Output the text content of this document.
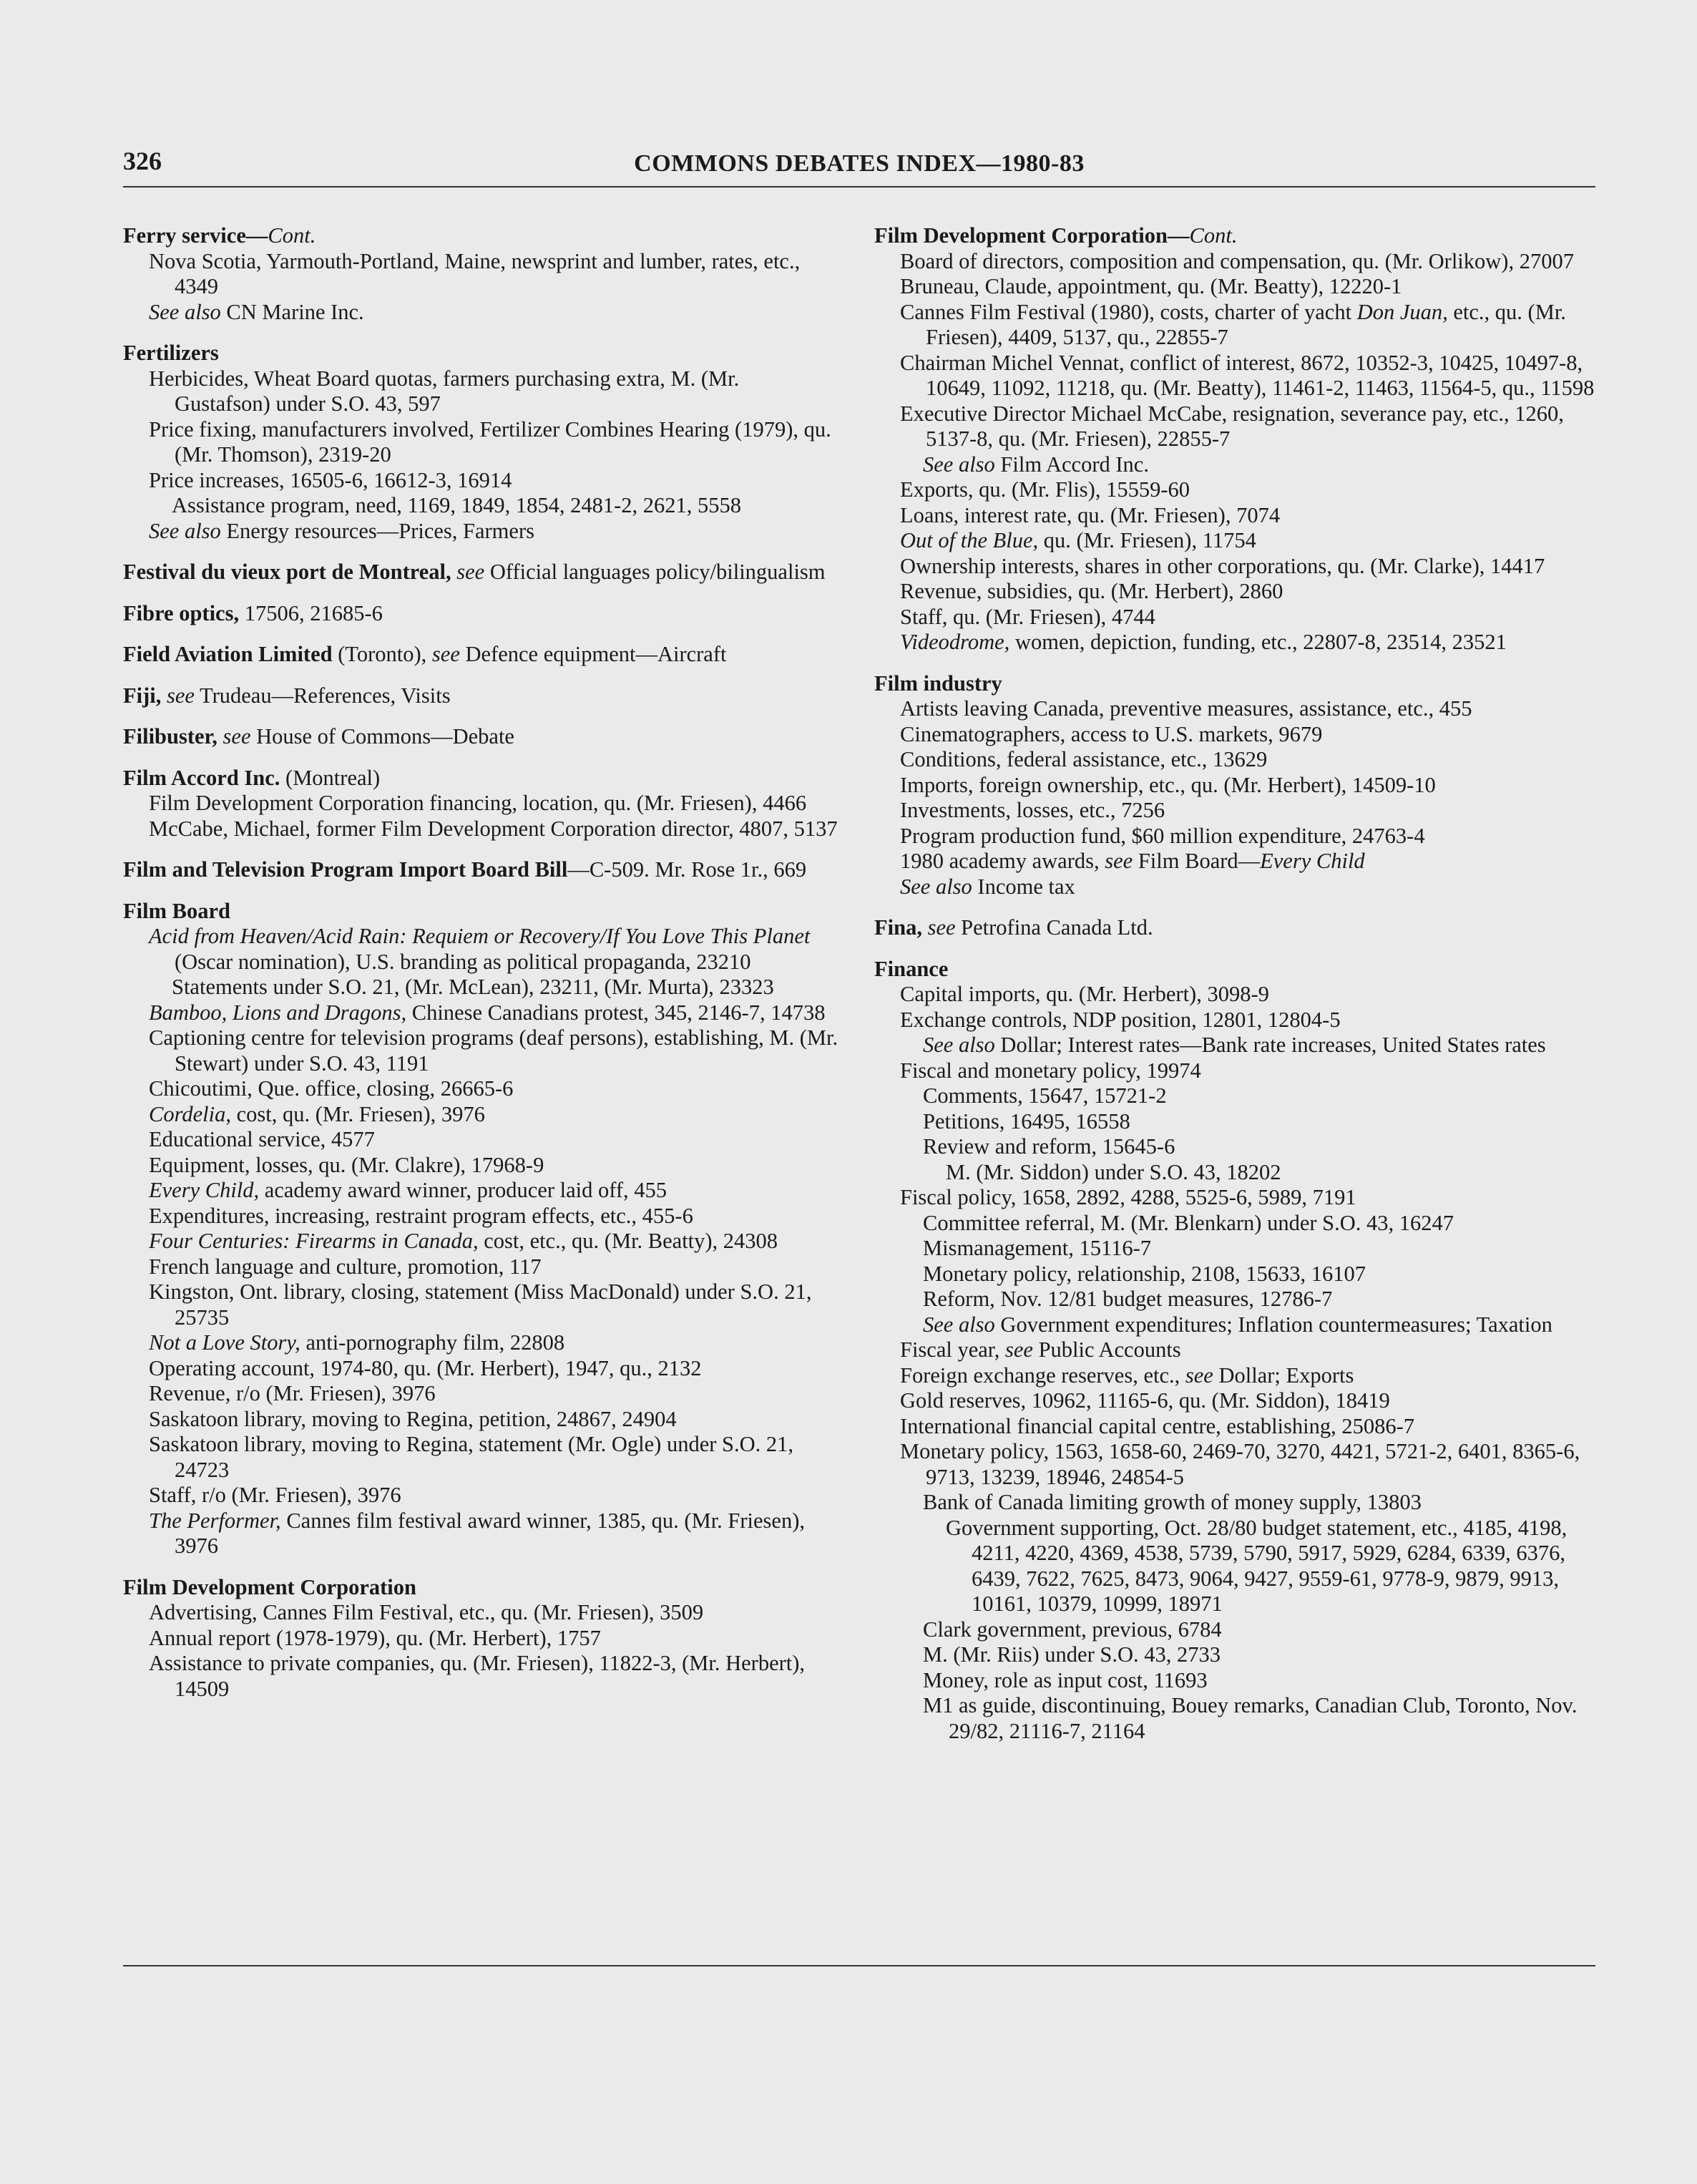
326	COMMONS DEBATES INDEX—1980-83
Ferry service—Cont.
Nova Scotia, Yarmouth-Portland, Maine, newsprint and lumber, rates, etc., 4349
See also CN Marine Inc.
Fertilizers
Herbicides, Wheat Board quotas, farmers purchasing extra, M. (Mr. Gustafson) under S.O. 43, 597
Price fixing, manufacturers involved, Fertilizer Combines Hearing (1979), qu. (Mr. Thomson), 2319-20
Price increases, 16505-6, 16612-3, 16914
Assistance program, need, 1169, 1849, 1854, 2481-2, 2621, 5558
See also Energy resources—Prices, Farmers
Festival du vieux port de Montreal, see Official languages policy/bilingualism
Fibre optics, 17506, 21685-6
Field Aviation Limited (Toronto), see Defence equipment—Aircraft
Fiji, see Trudeau—References, Visits
Filibuster, see House of Commons—Debate
Film Accord Inc. (Montreal)
Film Development Corporation financing, location, qu. (Mr. Friesen), 4466
McCabe, Michael, former Film Development Corporation director, 4807, 5137
Film and Television Program Import Board Bill—C-509. Mr. Rose 1r., 669
Film Board
Acid from Heaven/Acid Rain: Requiem or Recovery/If You Love This Planet (Oscar nomination), U.S. branding as political propaganda, 23210
Statements under S.O. 21, (Mr. McLean), 23211, (Mr. Murta), 23323
Bamboo, Lions and Dragons, Chinese Canadians protest, 345, 2146-7, 14738
Captioning centre for television programs (deaf persons), establishing, M. (Mr. Stewart) under S.O. 43, 1191
Chicoutimi, Que. office, closing, 26665-6
Cordelia, cost, qu. (Mr. Friesen), 3976
Educational service, 4577
Equipment, losses, qu. (Mr. Clakre), 17968-9
Every Child, academy award winner, producer laid off, 455
Expenditures, increasing, restraint program effects, etc., 455-6
Four Centuries: Firearms in Canada, cost, etc., qu. (Mr. Beatty), 24308
French language and culture, promotion, 117
Kingston, Ont. library, closing, statement (Miss MacDonald) under S.O. 21, 25735
Not a Love Story, anti-pornography film, 22808
Operating account, 1974-80, qu. (Mr. Herbert), 1947, qu., 2132
Revenue, r/o (Mr. Friesen), 3976
Saskatoon library, moving to Regina, petition, 24867, 24904
Saskatoon library, moving to Regina, statement (Mr. Ogle) under S.O. 21, 24723
Staff, r/o (Mr. Friesen), 3976
The Performer, Cannes film festival award winner, 1385, qu. (Mr. Friesen), 3976
Film Development Corporation
Advertising, Cannes Film Festival, etc., qu. (Mr. Friesen), 3509
Annual report (1978-1979), qu. (Mr. Herbert), 1757
Assistance to private companies, qu. (Mr. Friesen), 11822-3, (Mr. Herbert), 14509
Film Development Corporation—Cont.
Board of directors, composition and compensation, qu. (Mr. Orlikow), 27007
Bruneau, Claude, appointment, qu. (Mr. Beatty), 12220-1
Cannes Film Festival (1980), costs, charter of yacht Don Juan, etc., qu. (Mr. Friesen), 4409, 5137, qu., 22855-7
Chairman Michel Vennat, conflict of interest, 8672, 10352-3, 10425, 10497-8, 10649, 11092, 11218, qu. (Mr. Beatty), 11461-2, 11463, 11564-5, qu., 11598
Executive Director Michael McCabe, resignation, severance pay, etc., 1260, 5137-8, qu. (Mr. Friesen), 22855-7
See also Film Accord Inc.
Exports, qu. (Mr. Flis), 15559-60
Loans, interest rate, qu. (Mr. Friesen), 7074
Out of the Blue, qu. (Mr. Friesen), 11754
Ownership interests, shares in other corporations, qu. (Mr. Clarke), 14417
Revenue, subsidies, qu. (Mr. Herbert), 2860
Staff, qu. (Mr. Friesen), 4744
Videodrome, women, depiction, funding, etc., 22807-8, 23514, 23521
Film industry
Artists leaving Canada, preventive measures, assistance, etc., 455
Cinematographers, access to U.S. markets, 9679
Conditions, federal assistance, etc., 13629
Imports, foreign ownership, etc., qu. (Mr. Herbert), 14509-10
Investments, losses, etc., 7256
Program production fund, $60 million expenditure, 24763-4
1980 academy awards, see Film Board—Every Child
See also Income tax
Fina, see Petrofina Canada Ltd.
Finance
Capital imports, qu. (Mr. Herbert), 3098-9
Exchange controls, NDP position, 12801, 12804-5
See also Dollar; Interest rates—Bank rate increases, United States rates
Fiscal and monetary policy, 19974
Comments, 15647, 15721-2
Petitions, 16495, 16558
Review and reform, 15645-6
M. (Mr. Siddon) under S.O. 43, 18202
Fiscal policy, 1658, 2892, 4288, 5525-6, 5989, 7191
Committee referral, M. (Mr. Blenkarn) under S.O. 43, 16247
Mismanagement, 15116-7
Monetary policy, relationship, 2108, 15633, 16107
Reform, Nov. 12/81 budget measures, 12786-7
See also Government expenditures; Inflation countermeasures; Taxation
Fiscal year, see Public Accounts
Foreign exchange reserves, etc., see Dollar; Exports
Gold reserves, 10962, 11165-6, qu. (Mr. Siddon), 18419
International financial capital centre, establishing, 25086-7
Monetary policy, 1563, 1658-60, 2469-70, 3270, 4421, 5721-2, 6401, 8365-6, 9713, 13239, 18946, 24854-5
Bank of Canada limiting growth of money supply, 13803
Government supporting, Oct. 28/80 budget statement, etc., 4185, 4198, 4211, 4220, 4369, 4538, 5739, 5790, 5917, 5929, 6284, 6339, 6376, 6439, 7622, 7625, 8473, 9064, 9427, 9559-61, 9778-9, 9879, 9913, 10161, 10379, 10999, 18971
Clark government, previous, 6784
M. (Mr. Riis) under S.O. 43, 2733
Money, role as input cost, 11693
M1 as guide, discontinuing, Bouey remarks, Canadian Club, Toronto, Nov. 29/82, 21116-7, 21164
